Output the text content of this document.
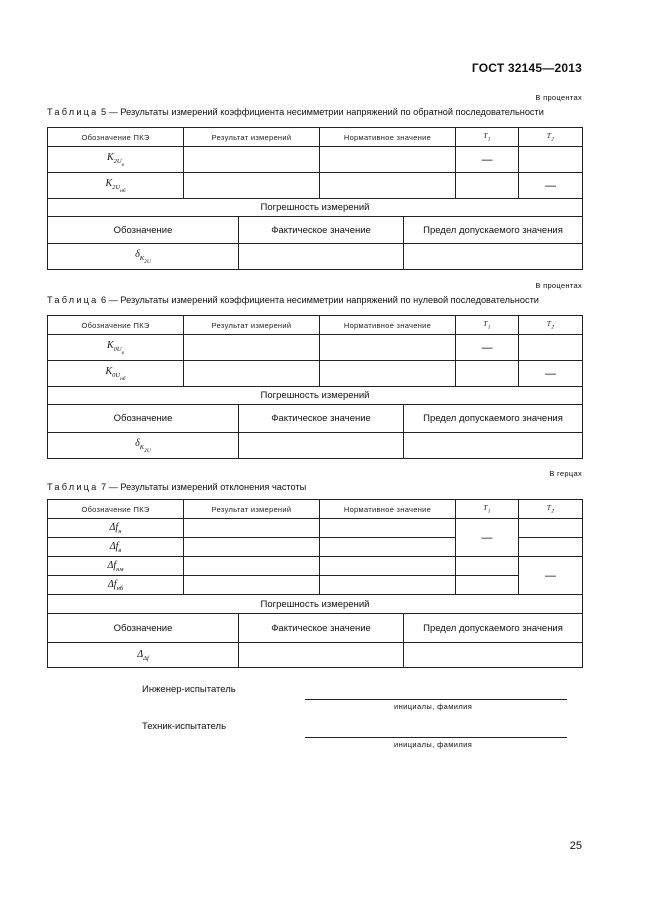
ГОСТ 32145—2013
В процентах
Таблица 5 — Результаты измерений коэффициента несимметрии напряжений по обратной последовательности
Обозначение ПКЭ	Результат измерений	Нормативное значение	$T_1$	$T_2$
$K_{2U_в}$			—	
$K_{2U_{нб}}$				—
Погрешность измерений				
Обозначение	Фактическое значение	Предел допускаемого значения
$\delta_{K_{2U}}$		
В процентах
Таблица 6 — Результаты измерений коэффициента несимметрии напряжений по нулевой последовательности
Обозначение ПКЭ	Результат измерений	Нормативное значение	$T_1$	$T_2$
$K_{0U_в}$			—	
$K_{0U_{нб}}$				—
Погрешность измерений				
Обозначение	Фактическое значение	Предел допускаемого значения
$\delta_{K_{2U}}$		
В герцах
Таблица 7 — Результаты измерений отклонения частоты
Обозначение ПКЭ	Результат измерений	Нормативное значение	$T_1$	$T_2$
$\Delta f_н$			—	
$\Delta f_в$			
$\Delta f_{нм}$				—
$\Delta f_{нб}$			
Погрешность измерений				
Обозначение	Фактическое значение	Предел допускаемого значения
$\Delta_{\Delta f}$		
Инженер-испытатель
инициалы, фамилия
Техник-испытатель
инициалы, фамилия
25
